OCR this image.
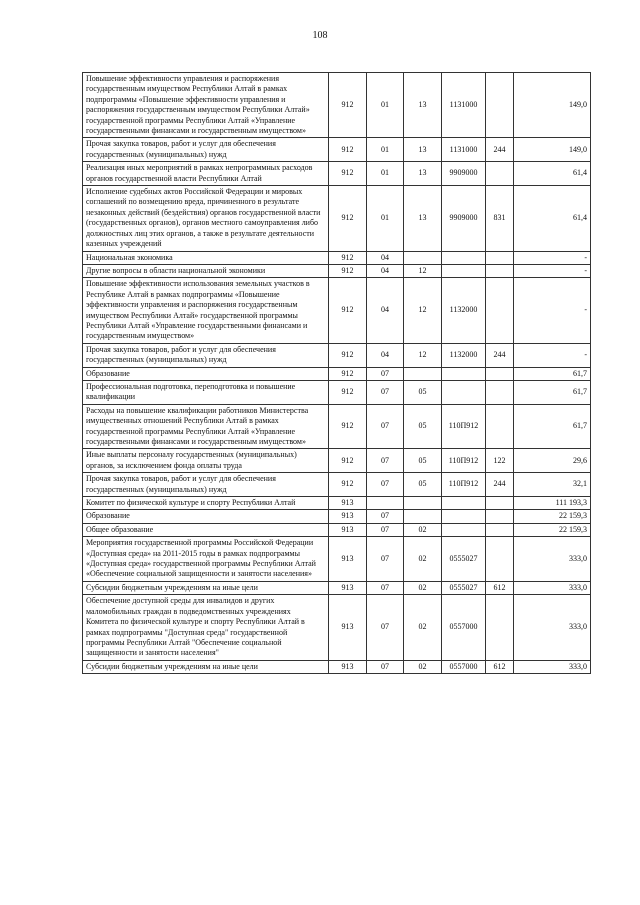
108
Повышение эффективности управления и распоряжения государственным имуществом Республики Алтай в рамках подпрограммы «Повышение эффективности управления и распоряжения государственным имуществом Республики Алтай» государственной программы Республики Алтай «Управление государственными финансами и государственным имуществом»	912	01	13	1131000		149,0
Прочая закупка товаров, работ и услуг для обеспечения государственных (муниципальных) нужд	912	01	13	1131000	244	149,0
Реализация иных мероприятий в рамках непрограммных расходов органов государственной власти Республики Алтай	912	01	13	9909000		61,4
Исполнение судебных актов Российской Федерации и мировых соглашений по возмещению вреда, причиненного в результате незаконных действий (бездействия) органов государственной власти (государственных органов), органов местного самоуправления либо должностных лиц этих органов, а также в результате деятельности казенных учреждений	912	01	13	9909000	831	61,4
Национальная экономика	912	04				-
Другие вопросы в области национальной экономики	912	04	12			-
Повышение эффективности использования земельных участков в Республике Алтай в рамках подпрограммы «Повышение эффективности управления и распоряжения государственным имуществом Республики Алтай» государственной программы Республики Алтай «Управление государственными финансами и государственным имуществом»	912	04	12	1132000		-
Прочая закупка товаров, работ и услуг для обеспечения государственных (муниципальных) нужд	912	04	12	1132000	244	-
Образование	912	07				61,7
Профессиональная подготовка, переподготовка и повышение квалификации	912	07	05			61,7
Расходы на повышение квалификации работников Министерства имущественных отношений Республики Алтай в рамках государственной программы Республики Алтай «Управление государственными финансами и государственным имуществом»	912	07	05	110П912		61,7
Иные выплаты персоналу государственных (муниципальных) органов, за исключением фонда оплаты труда	912	07	05	110П912	122	29,6
Прочая закупка товаров, работ и услуг для обеспечения государственных (муниципальных) нужд	912	07	05	110П912	244	32,1
Комитет по физической культуре и спорту Республики Алтай	913					111 193,3
Образование	913	07				22 159,3
Общее образование	913	07	02			22 159,3
Мероприятия государственной программы Российской Федерации «Доступная среда» на 2011-2015 годы в рамках подпрограммы «Доступная среда» государственной программы Республики Алтай «Обеспечение социальной защищенности и занятости населения»	913	07	02	0555027		333,0
Субсидии бюджетным учреждениям на иные цели	913	07	02	0555027	612	333,0
Обеспечение доступной среды для инвалидов и других маломобильных граждан в подведомственных учреждениях Комитета по физической культуре и спорту Республики Алтай в рамках подпрограммы "Доступная среда" государственной программы Республики Алтай "Обеспечение социальной защищенности и занятости населения"	913	07	02	0557000		333,0
Субсидии бюджетным учреждениям на иные цели	913	07	02	0557000	612	333,0
